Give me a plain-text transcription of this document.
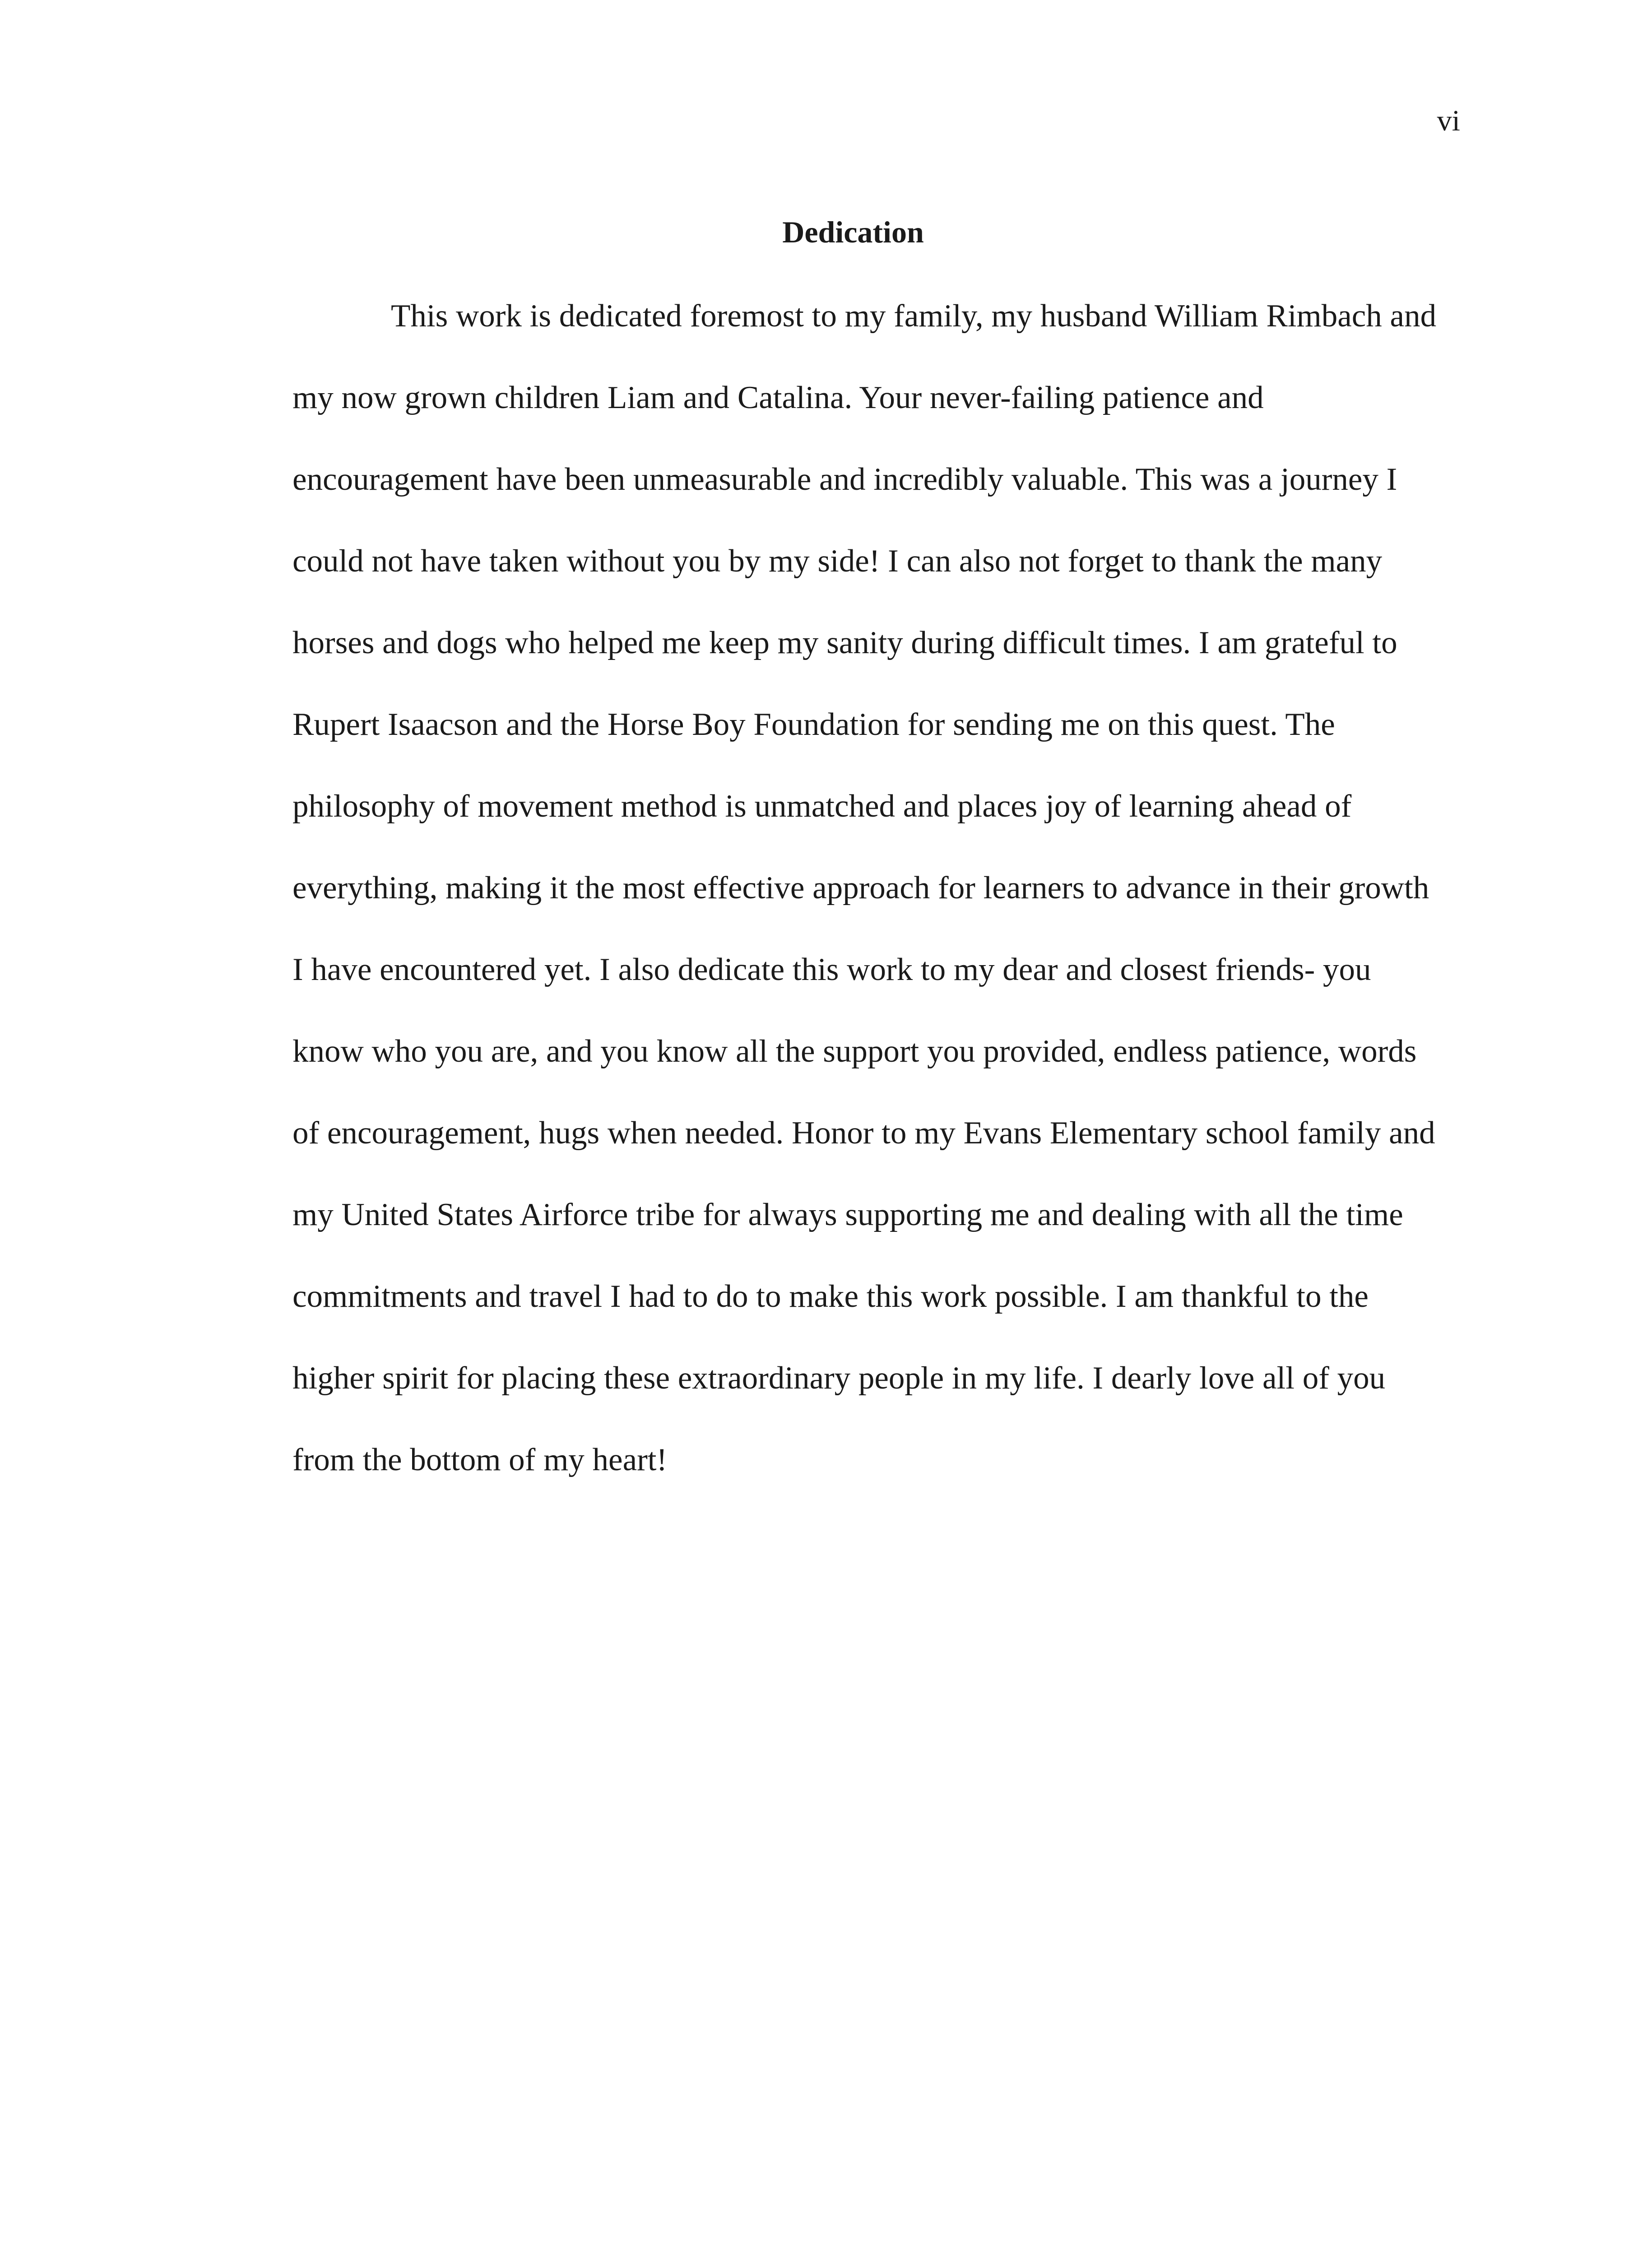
vi
Dedication
This work is dedicated foremost to my family, my husband William Rimbach and
my now grown children Liam and Catalina. Your never-failing patience and
encouragement have been unmeasurable and incredibly valuable. This was a journey I
could not have taken without you by my side! I can also not forget to thank the many
horses and dogs who helped me keep my sanity during difficult times. I am grateful to
Rupert Isaacson and the Horse Boy Foundation for sending me on this quest. The
philosophy of movement method is unmatched and places joy of learning ahead of
everything, making it the most effective approach for learners to advance in their growth
I have encountered yet. I also dedicate this work to my dear and closest friends- you
know who you are, and you know all the support you provided, endless patience, words
of encouragement, hugs when needed. Honor to my Evans Elementary school family and
my United States Airforce tribe for always supporting me and dealing with all the time
commitments and travel I had to do to make this work possible. I am thankful to the
higher spirit for placing these extraordinary people in my life. I dearly love all of you
from the bottom of my heart!
